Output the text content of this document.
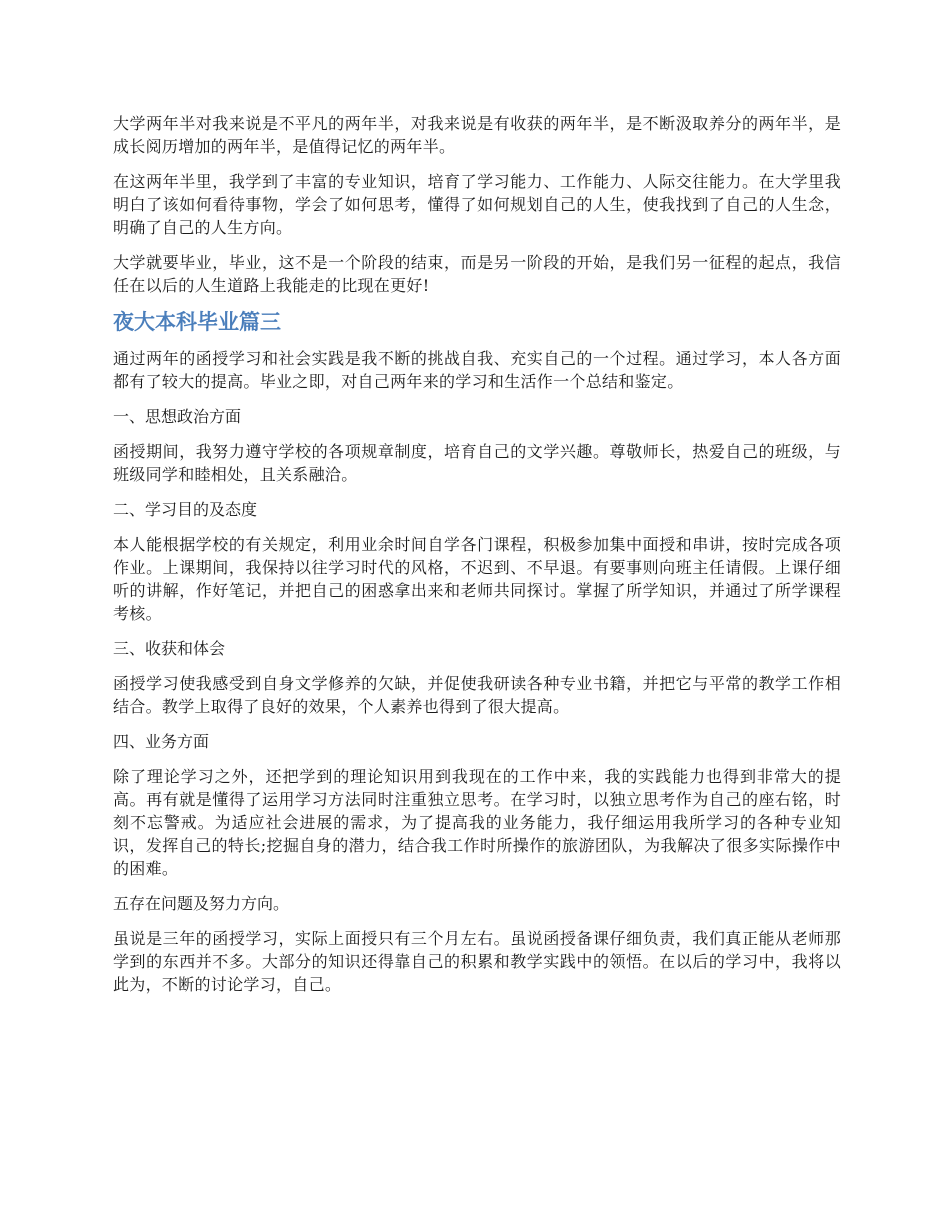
大学两年半对我来说是不平凡的两年半，对我来说是有收获的两年半，是不断汲取养分的两年半，是成长阅历增加的两年半，是值得记忆的两年半。

在这两年半里，我学到了丰富的专业知识，培育了学习能力、工作能力、人际交往能力。在大学里我明白了该如何看待事物，学会了如何思考，懂得了如何规划自己的人生，使我找到了自己的人生念，明确了自己的人生方向。

大学就要毕业，毕业，这不是一个阶段的结束，而是另一阶段的开始，是我们另一征程的起点，我信任在以后的人生道路上我能走的比现在更好!

夜大本科毕业篇三

通过两年的函授学习和社会实践是我不断的挑战自我、充实自己的一个过程。通过学习，本人各方面都有了较大的提高。毕业之即，对自己两年来的学习和生活作一个总结和鉴定。

一、思想政治方面

函授期间，我努力遵守学校的各项规章制度，培育自己的文学兴趣。尊敬师长，热爱自己的班级，与班级同学和睦相处，且关系融洽。

二、学习目的及态度

本人能根据学校的有关规定，利用业余时间自学各门课程，积极参加集中面授和串讲，按时完成各项作业。上课期间，我保持以往学习时代的风格，不迟到、不早退。有要事则向班主任请假。上课仔细听的讲解，作好笔记，并把自己的困惑拿出来和老师共同探讨。掌握了所学知识，并通过了所学课程考核。

三、收获和体会

函授学习使我感受到自身文学修养的欠缺，并促使我研读各种专业书籍，并把它与平常的教学工作相结合。教学上取得了良好的效果，个人素养也得到了很大提高。

四、业务方面

除了理论学习之外，还把学到的理论知识用到我现在的工作中来，我的实践能力也得到非常大的提高。再有就是懂得了运用学习方法同时注重独立思考。在学习时，以独立思考作为自己的座右铭，时刻不忘警戒。为适应社会进展的需求，为了提高我的业务能力，我仔细运用我所学习的各种专业知识，发挥自己的特长;挖掘自身的潜力，结合我工作时所操作的旅游团队，为我解决了很多实际操作中的困难。

五存在问题及努力方向。

虽说是三年的函授学习，实际上面授只有三个月左右。虽说函授备课仔细负责，我们真正能从老师那学到的东西并不多。大部分的知识还得靠自己的积累和教学实践中的领悟。在以后的学习中，我将以此为，不断的讨论学习，自己。
